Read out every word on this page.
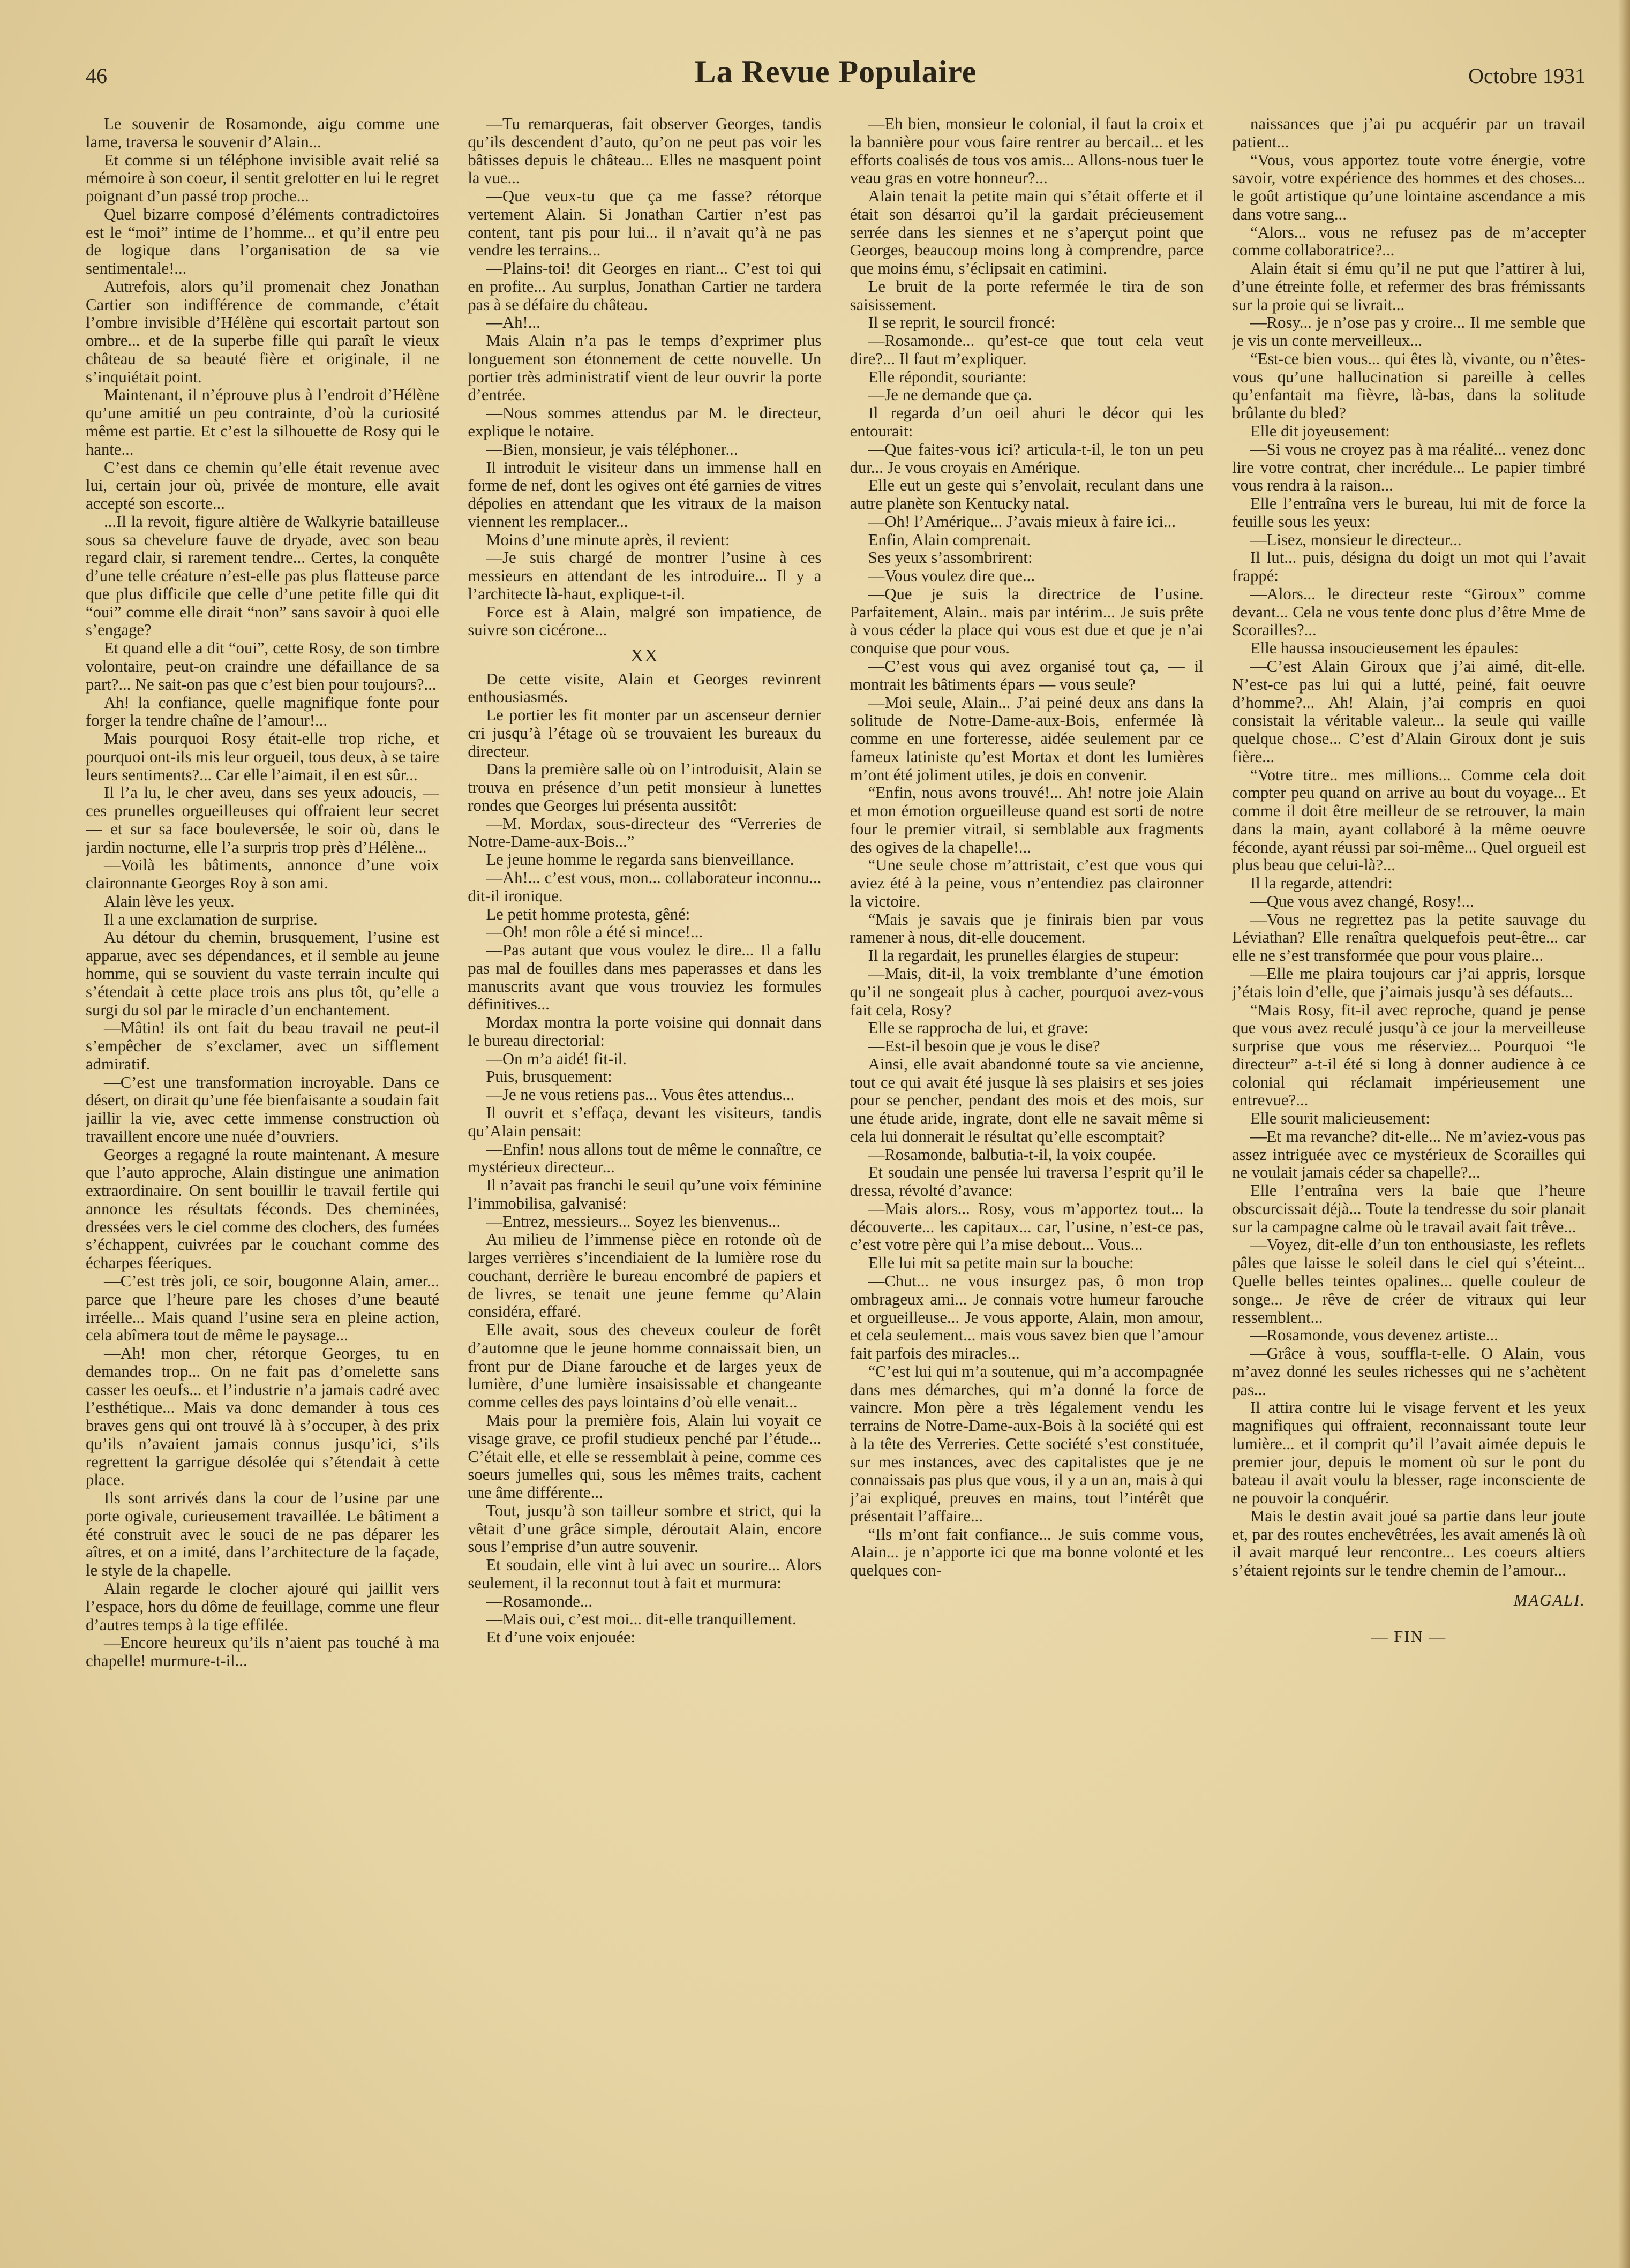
46	La Revue Populaire	Octobre 1931

Le souvenir de Rosamonde, aigu comme une lame, traversa le souvenir d’Alain...

Et comme si un téléphone invisible avait relié sa mémoire à son coeur, il sentit grelotter en lui le regret poignant d’un passé trop proche...

Quel bizarre composé d’éléments contradictoires est le “moi” intime de l’homme... et qu’il entre peu de logique dans l’organisation de sa vie sentimentale!...

Autrefois, alors qu’il promenait chez Jonathan Cartier son indifférence de commande, c’était l’ombre invisible d’Hélène qui escortait partout son ombre... et de la superbe fille qui paraît le vieux château de sa beauté fière et originale, il ne s’inquiétait point.

Maintenant, il n’éprouve plus à l’endroit d’Hélène qu’une amitié un peu contrainte, d’où la curiosité même est partie. Et c’est la silhouette de Rosy qui le hante...

C’est dans ce chemin qu’elle était revenue avec lui, certain jour où, privée de monture, elle avait accepté son escorte...

...Il la revoit, figure altière de Walkyrie batailleuse sous sa chevelure fauve de dryade, avec son beau regard clair, si rarement tendre... Certes, la conquête d’une telle créature n’est-elle pas plus flatteuse parce que plus difficile que celle d’une petite fille qui dit “oui” comme elle dirait “non” sans savoir à quoi elle s’engage?

Et quand elle a dit “oui”, cette Rosy, de son timbre volontaire, peut-on craindre une défaillance de sa part?... Ne sait-on pas que c’est bien pour toujours?...

Ah! la confiance, quelle magnifique fonte pour forger la tendre chaîne de l’amour!...

Mais pourquoi Rosy était-elle trop riche, et pourquoi ont-ils mis leur orgueil, tous deux, à se taire leurs sentiments?... Car elle l’aimait, il en est sûr...

Il l’a lu, le cher aveu, dans ses yeux adoucis, — ces prunelles orgueilleuses qui offraient leur secret — et sur sa face bouleversée, le soir où, dans le jardin nocturne, elle l’a surpris trop près d’Hélène...

—Voilà les bâtiments, annonce d’une voix claironnante Georges Roy à son ami.

Alain lève les yeux.

Il a une exclamation de surprise.

Au détour du chemin, brusquement, l’usine est apparue, avec ses dépendances, et il semble au jeune homme, qui se souvient du vaste terrain inculte qui s’étendait à cette place trois ans plus tôt, qu’elle a surgi du sol par le miracle d’un enchantement.

—Mâtin! ils ont fait du beau travail ne peut-il s’empêcher de s’exclamer, avec un sifflement admiratif.

—C’est une transformation incroyable. Dans ce désert, on dirait qu’une fée bienfaisante a soudain fait jaillir la vie, avec cette immense construction où travaillent encore une nuée d’ouvriers.

Georges a regagné la route maintenant. A mesure que l’auto approche, Alain distingue une animation extraordinaire. On sent bouillir le travail fertile qui annonce les résultats féconds. Des cheminées, dressées vers le ciel comme des clochers, des fumées s’échappent, cuivrées par le couchant comme des écharpes féeriques.

—C’est très joli, ce soir, bougonne Alain, amer... parce que l’heure pare les choses d’une beauté irréelle... Mais quand l’usine sera en pleine action, cela abîmera tout de même le paysage...

—Ah! mon cher, rétorque Georges, tu en demandes trop... On ne fait pas d’omelette sans casser les oeufs... et l’industrie n’a jamais cadré avec l’esthétique... Mais va donc demander à tous ces braves gens qui ont trouvé là à s’occuper, à des prix qu’ils n’avaient jamais connus jusqu’ici, s’ils regrettent la garrigue désolée qui s’étendait à cette place.

Ils sont arrivés dans la cour de l’usine par une porte ogivale, curieusement travaillée. Le bâtiment a été construit avec le souci de ne pas déparer les aîtres, et on a imité, dans l’architecture de la façade, le style de la chapelle.

Alain regarde le clocher ajouré qui jaillit vers l’espace, hors du dôme de feuillage, comme une fleur d’autres temps à la tige effilée.

—Encore heureux qu’ils n’aient pas touché à ma chapelle! murmure-t-il...

—Tu remarqueras, fait observer Georges, tandis qu’ils descendent d’auto, qu’on ne peut pas voir les bâtisses depuis le château... Elles ne masquent point la vue...

—Que veux-tu que ça me fasse? rétorque vertement Alain. Si Jonathan Cartier n’est pas content, tant pis pour lui... il n’avait qu’à ne pas vendre les terrains...

—Plains-toi! dit Georges en riant... C’est toi qui en profite... Au surplus, Jonathan Cartier ne tardera pas à se défaire du château.

—Ah!...

Mais Alain n’a pas le temps d’exprimer plus longuement son étonnement de cette nouvelle. Un portier très administratif vient de leur ouvrir la porte d’entrée.

—Nous sommes attendus par M. le directeur, explique le notaire.

—Bien, monsieur, je vais téléphoner...

Il introduit le visiteur dans un immense hall en forme de nef, dont les ogives ont été garnies de vitres dépolies en attendant que les vitraux de la maison viennent les remplacer...

Moins d’une minute après, il revient:

—Je suis chargé de montrer l’usine à ces messieurs en attendant de les introduire... Il y a l’architecte là-haut, explique-t-il.

Force est à Alain, malgré son impatience, de suivre son cicérone...

XX

De cette visite, Alain et Georges revinrent enthousiasmés.

Le portier les fit monter par un ascenseur dernier cri jusqu’à l’étage où se trouvaient les bureaux du directeur.

Dans la première salle où on l’introduisit, Alain se trouva en présence d’un petit monsieur à lunettes rondes que Georges lui présenta aussitôt:

—M. Mordax, sous-directeur des “Verreries de Notre-Dame-aux-Bois...”

Le jeune homme le regarda sans bienveillance.

—Ah!... c’est vous, mon... collaborateur inconnu... dit-il ironique.

Le petit homme protesta, gêné:

—Oh! mon rôle a été si mince!...

—Pas autant que vous voulez le dire... Il a fallu pas mal de fouilles dans mes paperasses et dans les manuscrits avant que vous trouviez les formules définitives...

Mordax montra la porte voisine qui donnait dans le bureau directorial:

—On m’a aidé! fit-il.

Puis, brusquement:

—Je ne vous retiens pas... Vous êtes attendus...

Il ouvrit et s’effaça, devant les visiteurs, tandis qu’Alain pensait:

—Enfin! nous allons tout de même le connaître, ce mystérieux directeur...

Il n’avait pas franchi le seuil qu’une voix féminine l’immobilisa, galvanisé:

—Entrez, messieurs... Soyez les bienvenus...

Au milieu de l’immense pièce en rotonde où de larges verrières s’incendiaient de la lumière rose du couchant, derrière le bureau encombré de papiers et de livres, se tenait une jeune femme qu’Alain considéra, effaré.

Elle avait, sous des cheveux couleur de forêt d’automne que le jeune homme connaissait bien, un front pur de Diane farouche et de larges yeux de lumière, d’une lumière insaisissable et changeante comme celles des pays lointains d’où elle venait...

Mais pour la première fois, Alain lui voyait ce visage grave, ce profil studieux penché par l’étude... C’était elle, et elle se ressemblait à peine, comme ces soeurs jumelles qui, sous les mêmes traits, cachent une âme différente...

Tout, jusqu’à son tailleur sombre et strict, qui la vêtait d’une grâce simple, déroutait Alain, encore sous l’emprise d’un autre souvenir.

Et soudain, elle vint à lui avec un sourire... Alors seulement, il la reconnut tout à fait et murmura:

—Rosamonde...

—Mais oui, c’est moi... dit-elle tranquillement.

Et d’une voix enjouée:

—Eh bien, monsieur le colonial, il faut la croix et la bannière pour vous faire rentrer au bercail... et les efforts coalisés de tous vos amis... Allons-nous tuer le veau gras en votre honneur?...

Alain tenait la petite main qui s’était offerte et il était son désarroi qu’il la gardait précieusement serrée dans les siennes et ne s’aperçut point que Georges, beaucoup moins long à comprendre, parce que moins ému, s’éclipsait en catimini.

Le bruit de la porte refermée le tira de son saisissement.

Il se reprit, le sourcil froncé:

—Rosamonde... qu’est-ce que tout cela veut dire?... Il faut m’expliquer.

Elle répondit, souriante:

—Je ne demande que ça.

Il regarda d’un oeil ahuri le décor qui les entourait:

—Que faites-vous ici? articula-t-il, le ton un peu dur... Je vous croyais en Amérique.

Elle eut un geste qui s’envolait, reculant dans une autre planète son Kentucky natal.

—Oh! l’Amérique... J’avais mieux à faire ici...

Enfin, Alain comprenait.

Ses yeux s’assombrirent:

—Vous voulez dire que...

—Que je suis la directrice de l’usine. Parfaitement, Alain.. mais par intérim... Je suis prête à vous céder la place qui vous est due et que je n’ai conquise que pour vous.

—C’est vous qui avez organisé tout ça, — il montrait les bâtiments épars — vous seule?

—Moi seule, Alain... J’ai peiné deux ans dans la solitude de Notre-Dame-aux-Bois, enfermée là comme en une forteresse, aidée seulement par ce fameux latiniste qu’est Mortax et dont les lumières m’ont été joliment utiles, je dois en convenir.

“Enfin, nous avons trouvé!... Ah! notre joie Alain et mon émotion orgueilleuse quand est sorti de notre four le premier vitrail, si semblable aux fragments des ogives de la chapelle!...

“Une seule chose m’attristait, c’est que vous qui aviez été à la peine, vous n’entendiez pas claironner la victoire.

“Mais je savais que je finirais bien par vous ramener à nous, dit-elle doucement.

Il la regardait, les prunelles élargies de stupeur:

—Mais, dit-il, la voix tremblante d’une émotion qu’il ne songeait plus à cacher, pourquoi avez-vous fait cela, Rosy?

Elle se rapprocha de lui, et grave:

—Est-il besoin que je vous le dise?

Ainsi, elle avait abandonné toute sa vie ancienne, tout ce qui avait été jusque là ses plaisirs et ses joies pour se pencher, pendant des mois et des mois, sur une étude aride, ingrate, dont elle ne savait même si cela lui donnerait le résultat qu’elle escomptait?

—Rosamonde, balbutia-t-il, la voix coupée.

Et soudain une pensée lui traversa l’esprit qu’il le dressa, révolté d’avance:

—Mais alors... Rosy, vous m’apportez tout... la découverte... les capitaux... car, l’usine, n’est-ce pas, c’est votre père qui l’a mise debout... Vous...

Elle lui mit sa petite main sur la bouche:

—Chut... ne vous insurgez pas, ô mon trop ombrageux ami... Je connais votre humeur farouche et orgueilleuse... Je vous apporte, Alain, mon amour, et cela seulement... mais vous savez bien que l’amour fait parfois des miracles...

“C’est lui qui m’a soutenue, qui m’a accompagnée dans mes démarches, qui m’a donné la force de vaincre. Mon père a très légalement vendu les terrains de Notre-Dame-aux-Bois à la société qui est à la tête des Verreries. Cette société s’est constituée, sur mes instances, avec des capitalistes que je ne connaissais pas plus que vous, il y a un an, mais à qui j’ai expliqué, preuves en mains, tout l’intérêt que présentait l’affaire...

“Ils m’ont fait confiance... Je suis comme vous, Alain... je n’apporte ici que ma bonne volonté et les quelques con-

naissances que j’ai pu acquérir par un travail patient...

“Vous, vous apportez toute votre énergie, votre savoir, votre expérience des hommes et des choses... le goût artistique qu’une lointaine ascendance a mis dans votre sang...

“Alors... vous ne refusez pas de m’accepter comme collaboratrice?...

Alain était si ému qu’il ne put que l’attirer à lui, d’une étreinte folle, et refermer des bras frémissants sur la proie qui se livrait...

—Rosy... je n’ose pas y croire... Il me semble que je vis un conte merveilleux...

“Est-ce bien vous... qui êtes là, vivante, ou n’êtes-vous qu’une hallucination si pareille à celles qu’enfantait ma fièvre, là-bas, dans la solitude brûlante du bled?

Elle dit joyeusement:

—Si vous ne croyez pas à ma réalité... venez donc lire votre contrat, cher incrédule... Le papier timbré vous rendra à la raison...

Elle l’entraîna vers le bureau, lui mit de force la feuille sous les yeux:

—Lisez, monsieur le directeur...

Il lut... puis, désigna du doigt un mot qui l’avait frappé:

—Alors... le directeur reste “Giroux” comme devant... Cela ne vous tente donc plus d’être Mme de Scorailles?...

Elle haussa insoucieusement les épaules:

—C’est Alain Giroux que j’ai aimé, dit-elle. N’est-ce pas lui qui a lutté, peiné, fait oeuvre d’homme?... Ah! Alain, j’ai compris en quoi consistait la véritable valeur... la seule qui vaille quelque chose... C’est d’Alain Giroux dont je suis fière...

“Votre titre.. mes millions... Comme cela doit compter peu quand on arrive au bout du voyage... Et comme il doit être meilleur de se retrouver, la main dans la main, ayant collaboré à la même oeuvre féconde, ayant réussi par soi-même... Quel orgueil est plus beau que celui-là?...

Il la regarde, attendri:

—Que vous avez changé, Rosy!...

—Vous ne regrettez pas la petite sauvage du Léviathan? Elle renaîtra quelquefois peut-être... car elle ne s’est transformée que pour vous plaire...

—Elle me plaira toujours car j’ai appris, lorsque j’étais loin d’elle, que j’aimais jusqu’à ses défauts...

“Mais Rosy, fit-il avec reproche, quand je pense que vous avez reculé jusqu’à ce jour la merveilleuse surprise que vous me réserviez... Pourquoi “le directeur” a-t-il été si long à donner audience à ce colonial qui réclamait impérieusement une entrevue?...

Elle sourit malicieusement:

—Et ma revanche? dit-elle... Ne m’aviez-vous pas assez intriguée avec ce mystérieux de Scorailles qui ne voulait jamais céder sa chapelle?...

Elle l’entraîna vers la baie que l’heure obscurcissait déjà... Toute la tendresse du soir planait sur la campagne calme où le travail avait fait trêve...

—Voyez, dit-elle d’un ton enthousiaste, les reflets pâles que laisse le soleil dans le ciel qui s’éteint... Quelle belles teintes opalines... quelle couleur de songe... Je rêve de créer de vitraux qui leur ressemblent...

—Rosamonde, vous devenez artiste...

—Grâce à vous, souffla-t-elle. O Alain, vous m’avez donné les seules richesses qui ne s’achètent pas...

Il attira contre lui le visage fervent et les yeux magnifiques qui offraient, reconnaissant toute leur lumière... et il comprit qu’il l’avait aimée depuis le premier jour, depuis le moment où sur le pont du bateau il avait voulu la blesser, rage inconsciente de ne pouvoir la conquérir.

Mais le destin avait joué sa partie dans leur joute et, par des routes enchevêtrées, les avait amenés là où il avait marqué leur rencontre... Les coeurs altiers s’étaient rejoints sur le tendre chemin de l’amour...

MAGALI.

— FIN —
